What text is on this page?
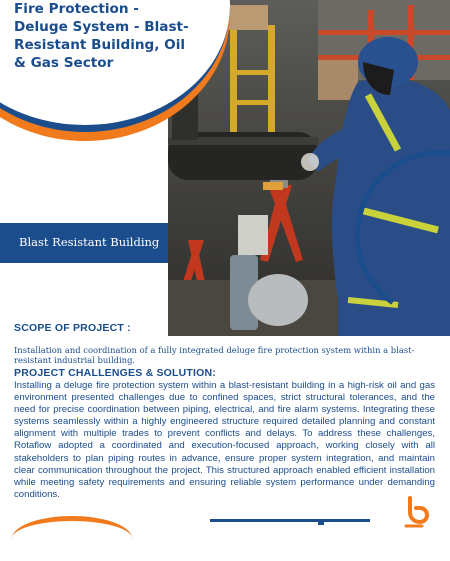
Fire Protection - Deluge System - Blast-Resistant Building, Oil & Gas Sector
Blast Resistant Building
SCOPE OF PROJECT :

Installation and coordination of a fully integrated deluge fire protection system within a blast-resistant industrial building.

PROJECT CHALLENGES & SOLUTION:

Installing a deluge fire protection system within a blast-resistant building in a high-risk oil and gas environment presented challenges due to confined spaces, strict structural tolerances, and the need for precise coordination between piping, electrical, and fire alarm systems. Integrating these systems seamlessly within a highly engineered structure required detailed planning and constant alignment with multiple trades to prevent conflicts and delays. To address these challenges, Rotaflow adopted a coordinated and execution-focused approach, working closely with all stakeholders to plan piping routes in advance, ensure proper system integration, and maintain clear communication throughout the project. This structured approach enabled efficient installation while meeting safety requirements and ensuring reliable system performance under demanding conditions.
